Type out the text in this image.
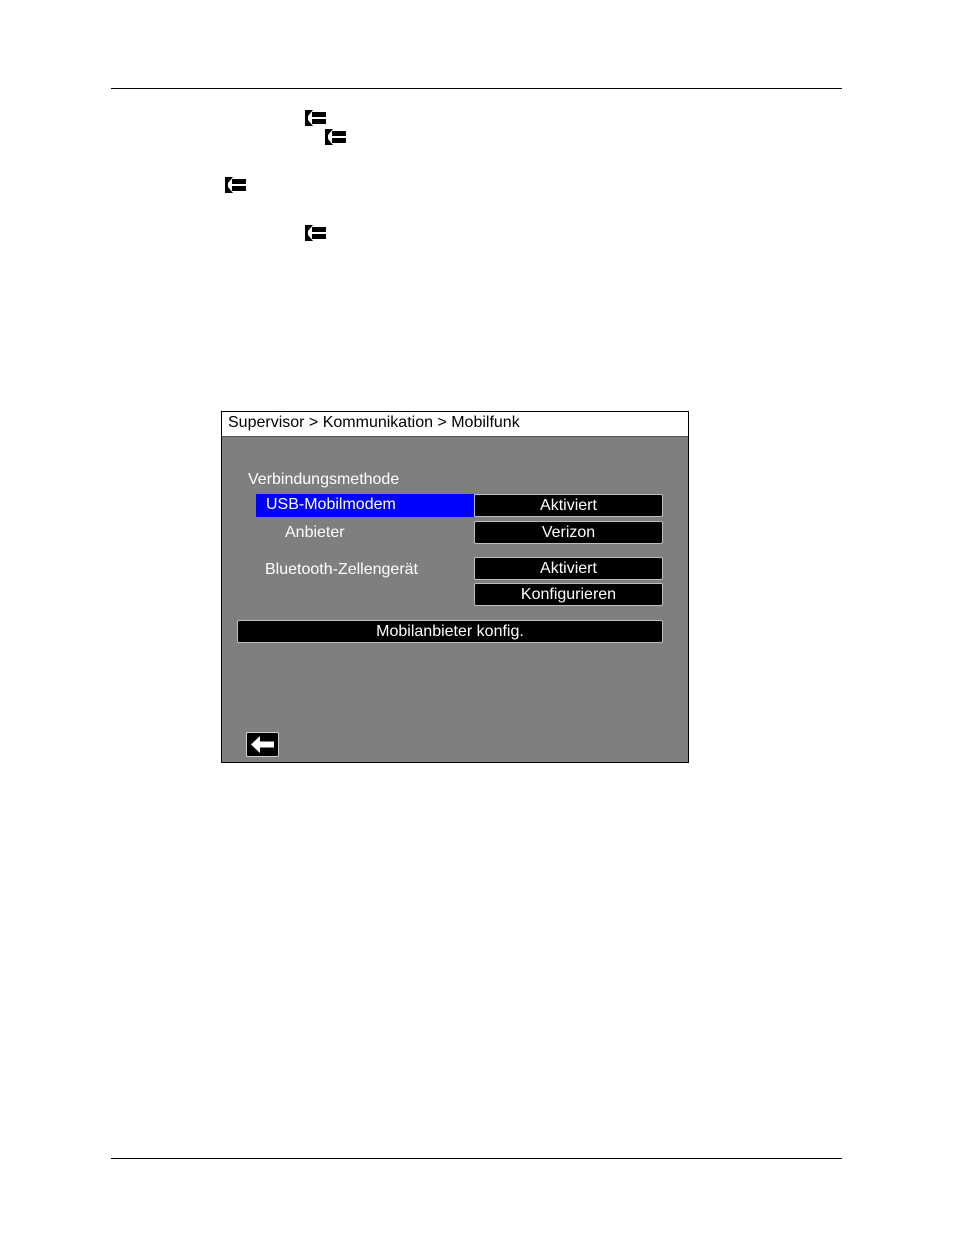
Supervisor > Kommunikation > Mobilfunk
Verbindungsmethode
USB-Mobilmodem	Aktiviert
Anbieter	Verizon
Bluetooth-Zellengerät	Aktiviert
Konfigurieren
Mobilanbieter konfig.
